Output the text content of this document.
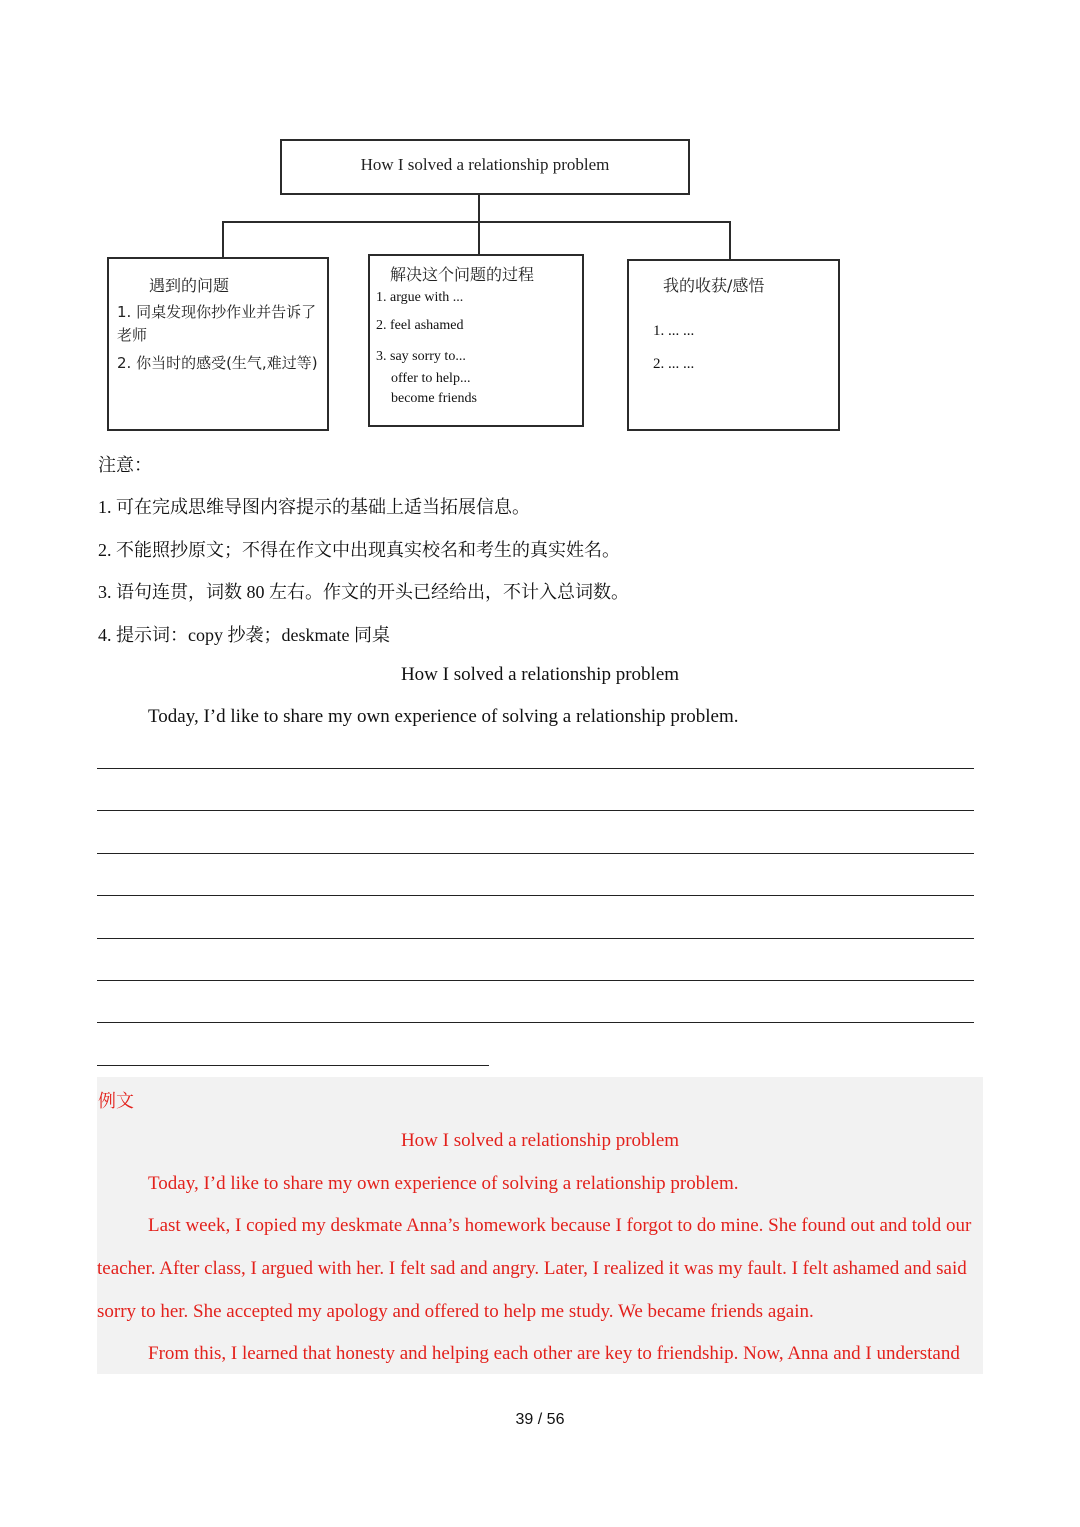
How I solved a relationship problem
遇到的问题
1. 同桌发现你抄作业并告诉了老师
2. 你当时的感受(生气,难过等)
解决这个问题的过程
1. argue with ...
2. feel ashamed
3. say sorry to...
offer to help...
become friends
我的收获/感悟
1. ... ...
2. ... ...
注意：
1. 可在完成思维导图内容提示的基础上适当拓展信息。
2. 不能照抄原文；不得在作文中出现真实校名和考生的真实姓名。
3. 语句连贯，词数 80 左右。作文的开头已经给出，不计入总词数。
4. 提示词：copy 抄袭；deskmate 同桌
How I solved a relationship problem
Today, I’d like to share my own experience of solving a relationship problem.
例文
How I solved a relationship problem
Today, I’d like to share my own experience of solving a relationship problem.
Last week, I copied my deskmate Anna’s homework because I forgot to do mine. She found out and told our
teacher. After class, I argued with her. I felt sad and angry. Later, I realized it was my fault. I felt ashamed and said
sorry to her. She accepted my apology and offered to help me study. We became friends again.
From this, I learned that honesty and helping each other are key to friendship. Now, Anna and I understand
39 / 56
